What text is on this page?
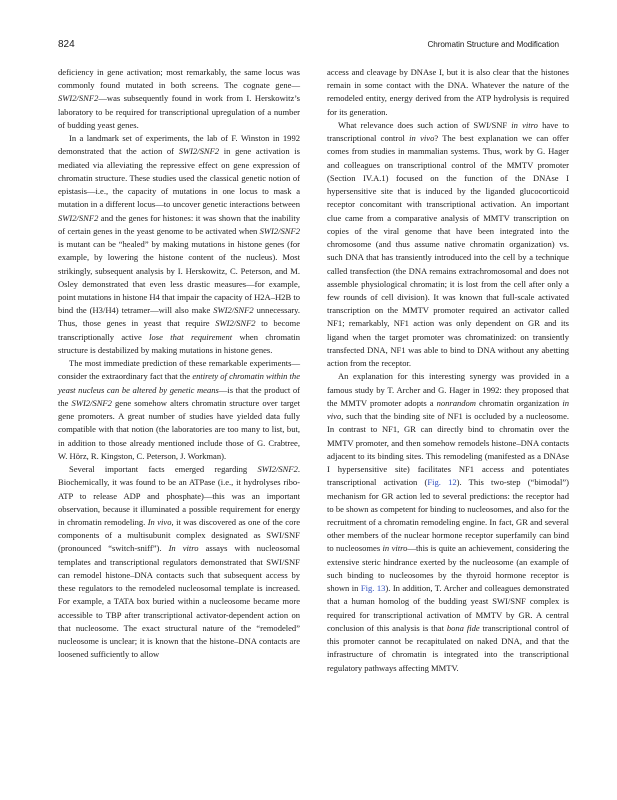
824	Chromatin Structure and Modification

deficiency in gene activation; most remarkably, the same locus was commonly found mutated in both screens. The cognate gene—SWI2/SNF2—was subsequently found in work from I. Herskowitz’s laboratory to be required for transcriptional upregulation of a number of budding yeast genes.

In a landmark set of experiments, the lab of F. Winston in 1992 demonstrated that the action of SWI2/SNF2 in gene activation is mediated via alleviating the repressive effect on gene expression of chromatin structure. These studies used the classical genetic notion of epistasis—i.e., the capacity of mutations in one locus to mask a mutation in a different locus—to uncover genetic interactions between SWI2/SNF2 and the genes for histones: it was shown that the inability of certain genes in the yeast genome to be activated when SWI2/SNF2 is mutant can be “healed” by making mutations in histone genes (for example, by lowering the histone content of the nucleus). Most strikingly, subsequent analysis by I. Herskowitz, C. Peterson, and M. Osley demonstrated that even less drastic measures—for example, point mutations in histone H4 that impair the capacity of H2A–H2B to bind the (H3/H4) tetramer—will also make SWI2/SNF2 unnecessary. Thus, those genes in yeast that require SWI2/SNF2 to become transcriptionally active lose that requirement when chromatin structure is destabilized by making mutations in histone genes.

The most immediate prediction of these remarkable experiments—consider the extraordinary fact that the entirety of chromatin within the yeast nucleus can be altered by genetic means—is that the product of the SWI2/SNF2 gene somehow alters chromatin structure over target gene promoters. A great number of studies have yielded data fully compatible with that notion (the laboratories are too many to list, but, in addition to those already mentioned include those of G. Crabtree, W. Hörz, R. Kingston, C. Peterson, J. Workman).

Several important facts emerged regarding SWI2/SNF2. Biochemically, it was found to be an ATPase (i.e., it hydrolyses ribo-ATP to release ADP and phosphate)—this was an important observation, because it illuminated a possible requirement for energy in chromatin remodeling. In vivo, it was discovered as one of the core components of a multisubunit complex designated as SWI/SNF (pronounced “switch-sniff”). In vitro assays with nucleosomal templates and transcriptional regulators demonstrated that SWI/SNF can remodel histone–DNA contacts such that subsequent access by these regulators to the remodeled nucleosomal template is increased. For example, a TATA box buried within a nucleosome became more accessible to TBP after transcriptional activator-dependent action on that nucleosome. The exact structural nature of the “remodeled” nucleosome is unclear; it is known that the histone–DNA contacts are loosened sufficiently to allow

access and cleavage by DNAse I, but it is also clear that the histones remain in some contact with the DNA. Whatever the nature of the remodeled entity, energy derived from the ATP hydrolysis is required for its generation.

What relevance does such action of SWI/SNF in vitro have to transcriptional control in vivo? The best explanation we can offer comes from studies in mammalian systems. Thus, work by G. Hager and colleagues on transcriptional control of the MMTV promoter (Section IV.A.1) focused on the function of the DNAse I hypersensitive site that is induced by the liganded glucocorticoid receptor concomitant with transcriptional activation. An important clue came from a comparative analysis of MMTV transcription on copies of the viral genome that have been integrated into the chromosome (and thus assume native chromatin organization) vs. such DNA that has transiently introduced into the cell by a technique called transfection (the DNA remains extrachromosomal and does not assemble physiological chromatin; it is lost from the cell after only a few rounds of cell division). It was known that full-scale activated transcription on the MMTV promoter required an activator called NF1; remarkably, NF1 action was only dependent on GR and its ligand when the target promoter was chromatinized: on transiently transfected DNA, NF1 was able to bind to DNA without any abetting action from the receptor.

An explanation for this interesting synergy was provided in a famous study by T. Archer and G. Hager in 1992: they proposed that the MMTV promoter adopts a nonrandom chromatin organization in vivo, such that the binding site of NF1 is occluded by a nucleosome. In contrast to NF1, GR can directly bind to chromatin over the MMTV promoter, and then somehow remodels histone–DNA contacts adjacent to its binding sites. This remodeling (manifested as a DNAse I hypersensitive site) facilitates NF1 access and potentiates transcriptional activation (Fig. 12). This two-step (“bimodal”) mechanism for GR action led to several predictions: the receptor had to be shown as competent for binding to nucleosomes, and also for the recruitment of a chromatin remodeling engine. In fact, GR and several other members of the nuclear hormone receptor superfamily can bind to nucleosomes in vitro—this is quite an achievement, considering the extensive steric hindrance exerted by the nucleosome (an example of such binding to nucleosomes by the thyroid hormone receptor is shown in Fig. 13). In addition, T. Archer and colleagues demonstrated that a human homolog of the budding yeast SWI/SNF complex is required for transcriptional activation of MMTV by GR. A central conclusion of this analysis is that bona fide transcriptional control of this promoter cannot be recapitulated on naked DNA, and that the infrastructure of chromatin is integrated into the transcriptional regulatory pathways affecting MMTV.
